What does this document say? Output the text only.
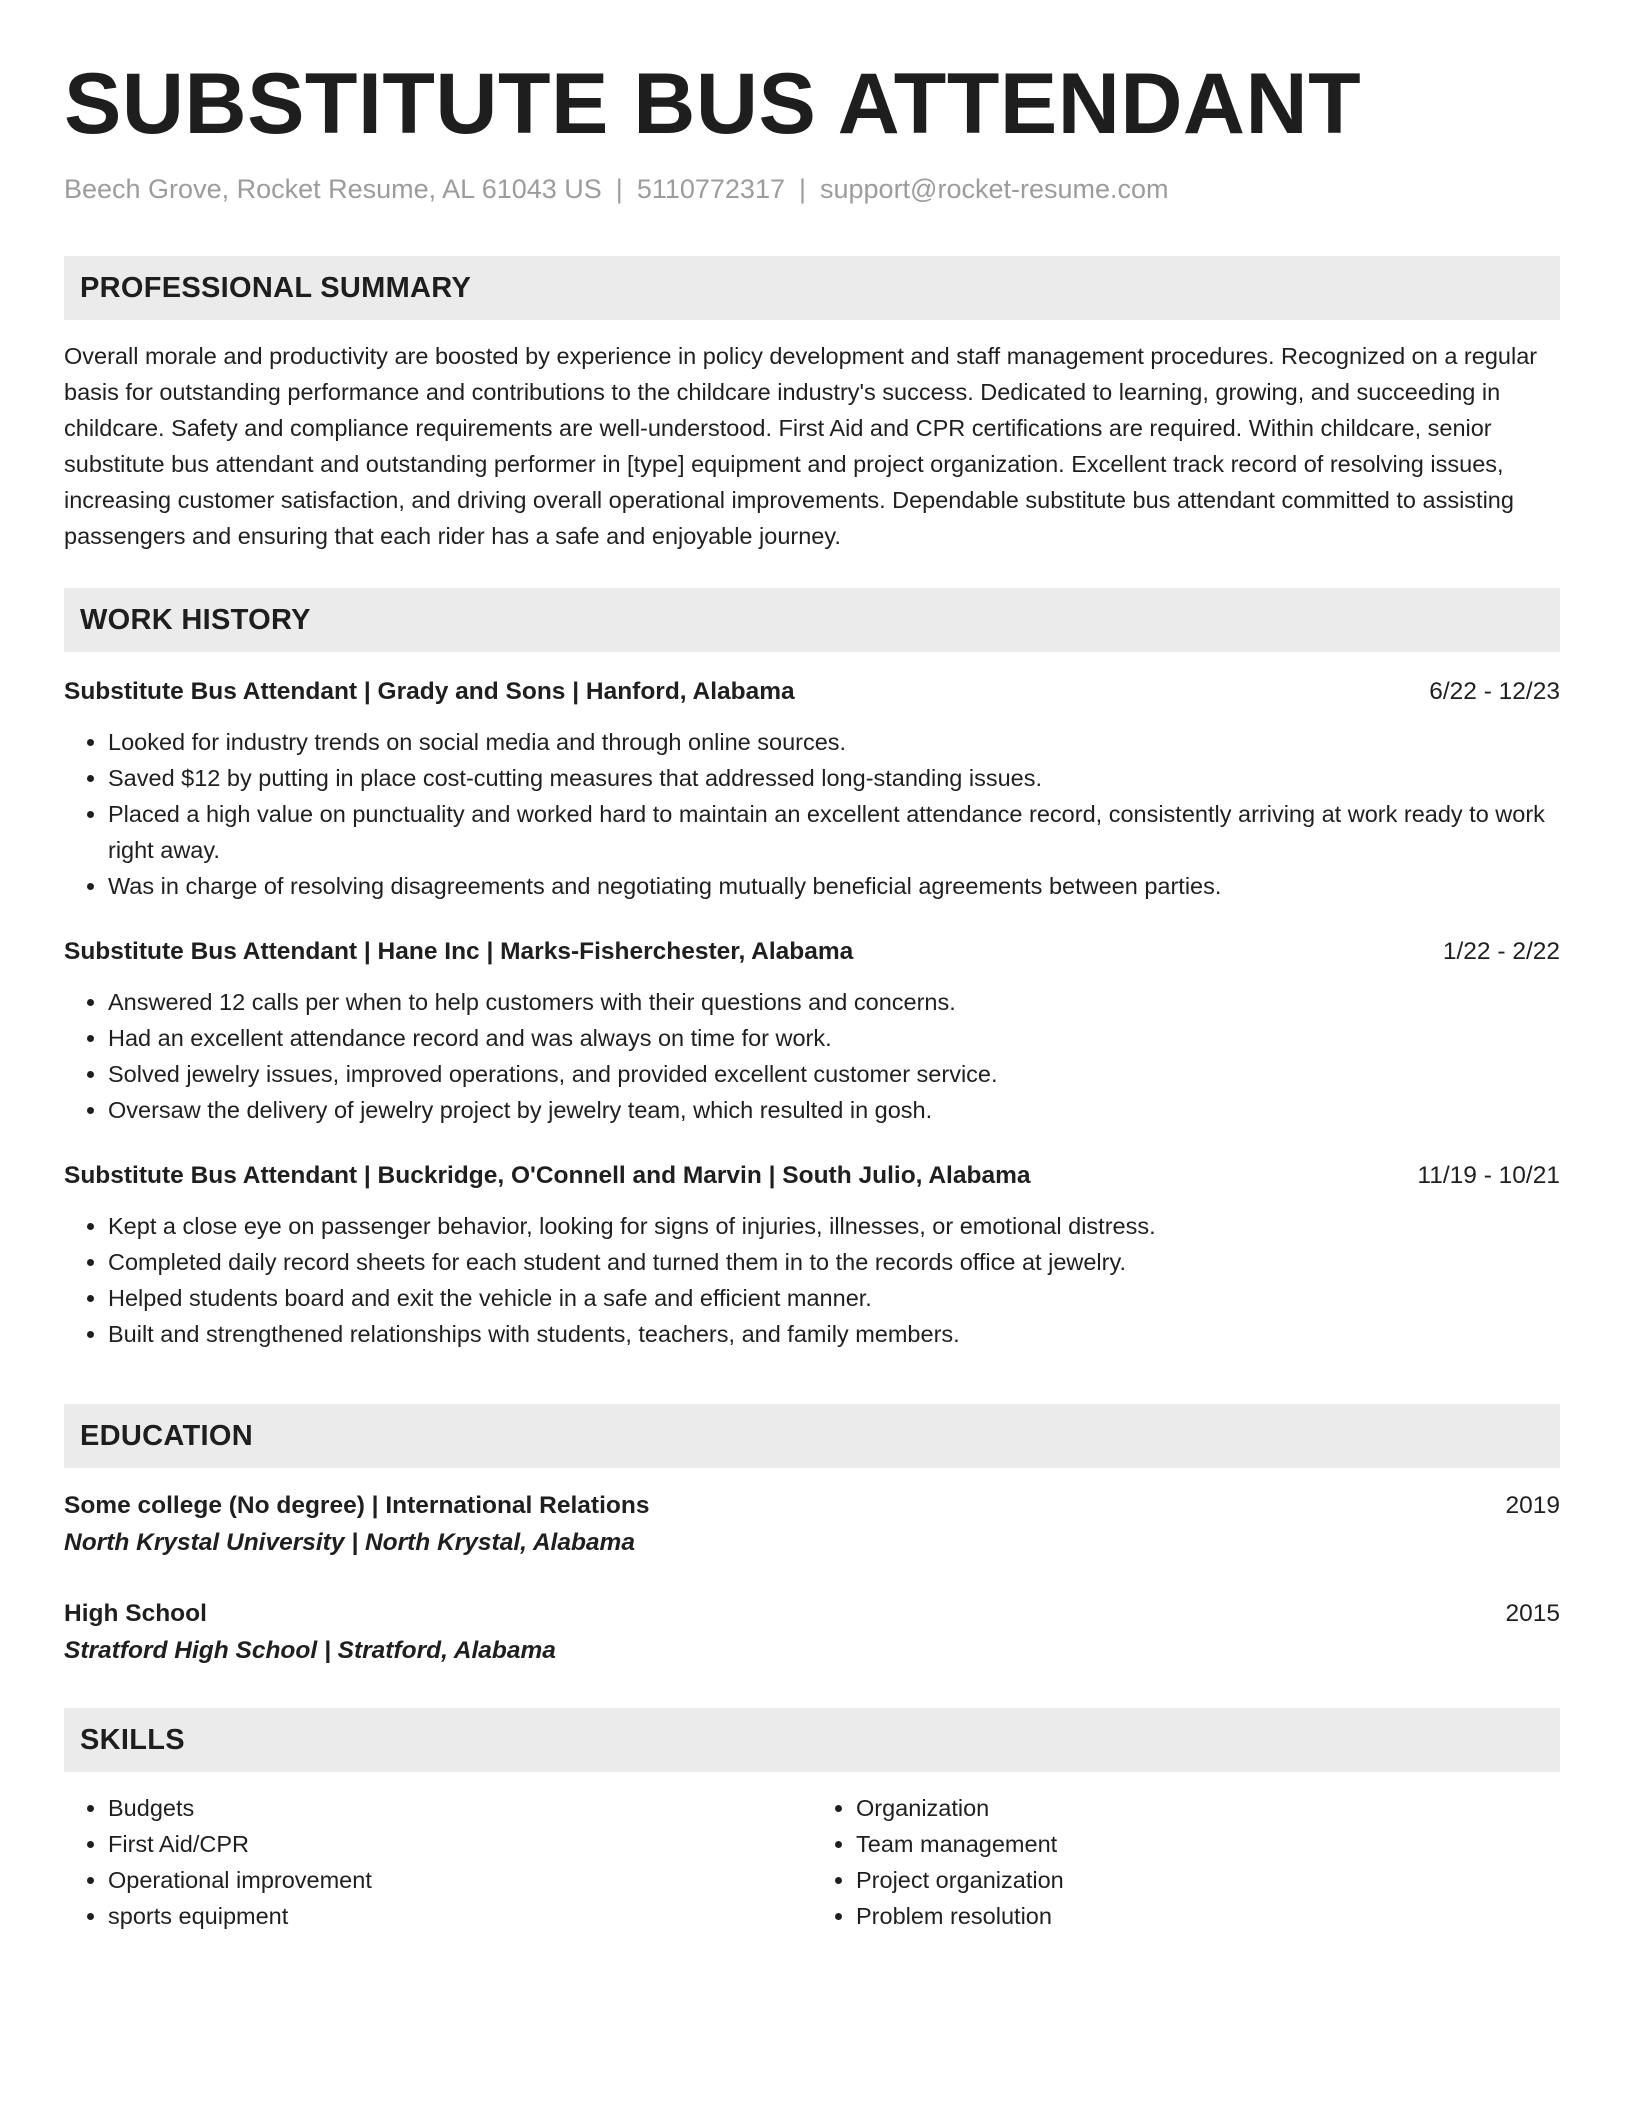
SUBSTITUTE BUS ATTENDANT
Beech Grove, Rocket Resume, AL 61043 US | 5110772317 | support@rocket-resume.com
PROFESSIONAL SUMMARY
Overall morale and productivity are boosted by experience in policy development and staff management procedures. Recognized on a regular basis for outstanding performance and contributions to the childcare industry's success. Dedicated to learning, growing, and succeeding in childcare. Safety and compliance requirements are well-understood. First Aid and CPR certifications are required. Within childcare, senior substitute bus attendant and outstanding performer in [type] equipment and project organization. Excellent track record of resolving issues, increasing customer satisfaction, and driving overall operational improvements. Dependable substitute bus attendant committed to assisting passengers and ensuring that each rider has a safe and enjoyable journey.
WORK HISTORY
Substitute Bus Attendant | Grady and Sons | Hanford, Alabama	6/22 - 12/23
• Looked for industry trends on social media and through online sources.
• Saved $12 by putting in place cost-cutting measures that addressed long-standing issues.
• Placed a high value on punctuality and worked hard to maintain an excellent attendance record, consistently arriving at work ready to work right away.
• Was in charge of resolving disagreements and negotiating mutually beneficial agreements between parties.
Substitute Bus Attendant | Hane Inc | Marks-Fisherchester, Alabama	1/22 - 2/22
• Answered 12 calls per when to help customers with their questions and concerns.
• Had an excellent attendance record and was always on time for work.
• Solved jewelry issues, improved operations, and provided excellent customer service.
• Oversaw the delivery of jewelry project by jewelry team, which resulted in gosh.
Substitute Bus Attendant | Buckridge, O'Connell and Marvin | South Julio, Alabama	11/19 - 10/21
• Kept a close eye on passenger behavior, looking for signs of injuries, illnesses, or emotional distress.
• Completed daily record sheets for each student and turned them in to the records office at jewelry.
• Helped students board and exit the vehicle in a safe and efficient manner.
• Built and strengthened relationships with students, teachers, and family members.
EDUCATION
Some college (No degree) | International Relations	2019
North Krystal University | North Krystal, Alabama
High School	2015
Stratford High School | Stratford, Alabama
SKILLS
• Budgets
• First Aid/CPR
• Operational improvement
• sports equipment
• Organization
• Team management
• Project organization
• Problem resolution
